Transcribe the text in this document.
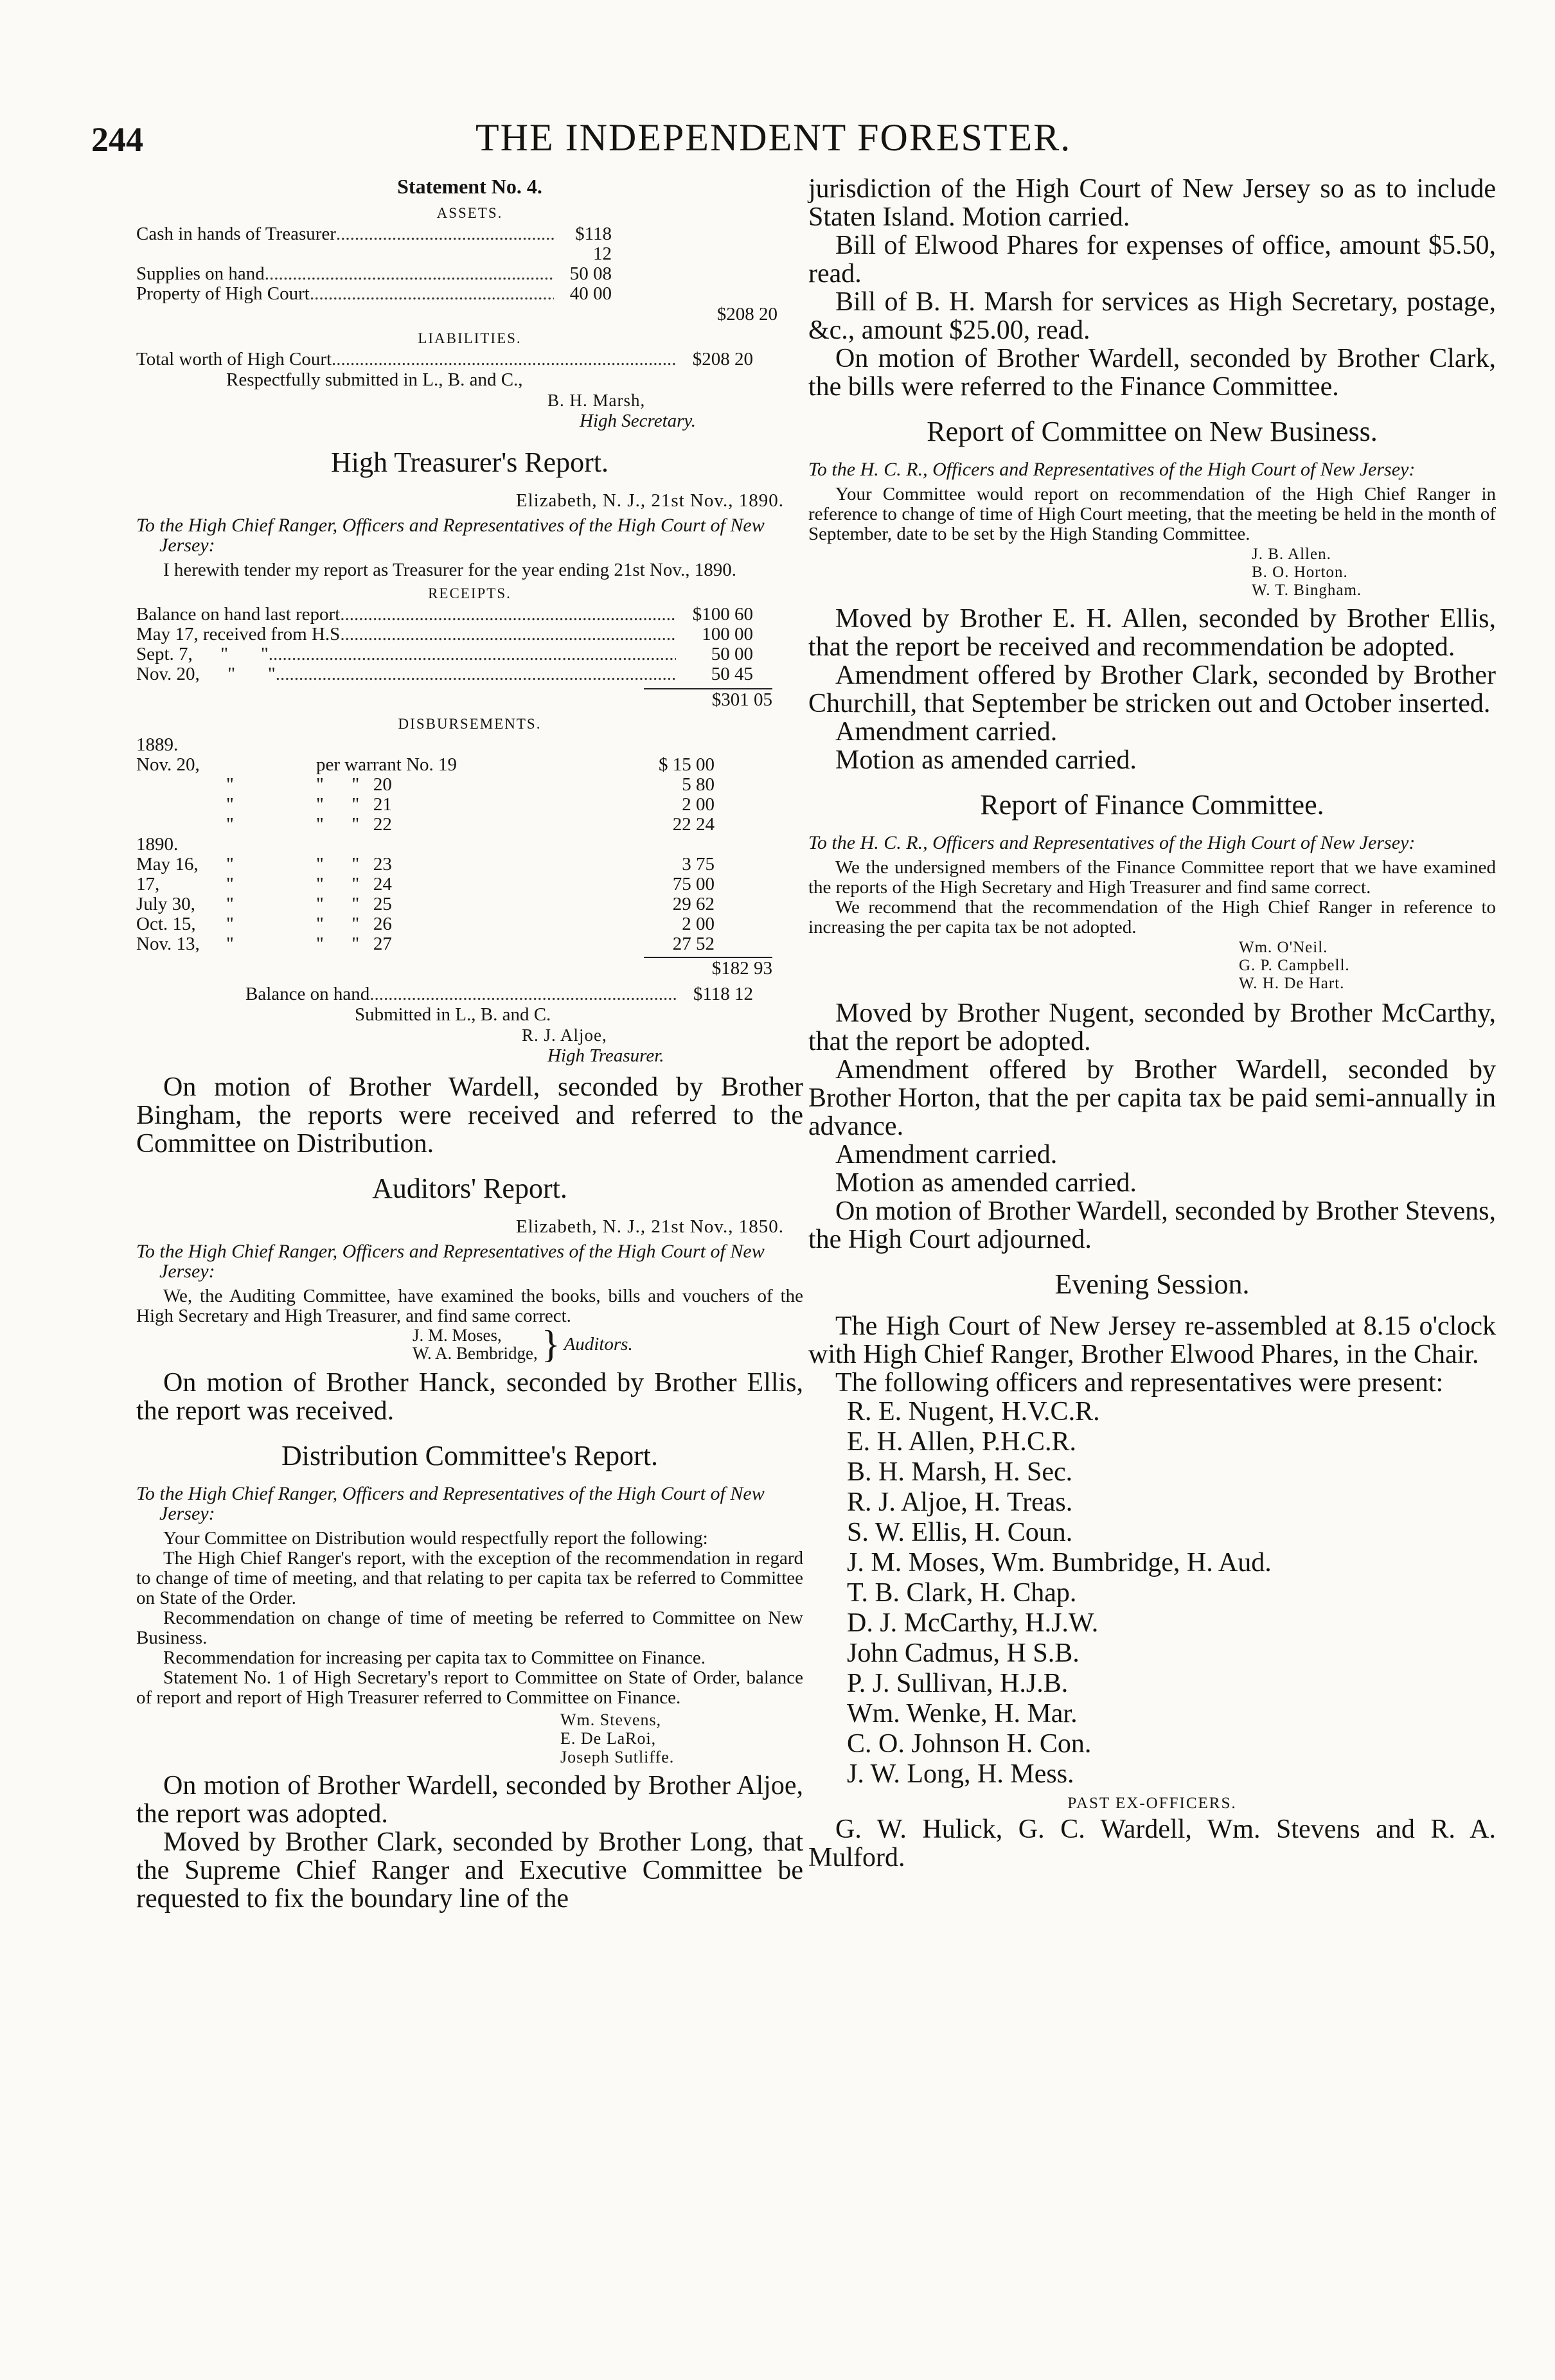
244	THE INDEPENDENT FORESTER.
Statement No. 4.
ASSETS.
Cash in hands of Treasurer .....	$118 12
Supplies on hand .....	50 08
Property of High Court .....	40 00
$208 20
LIABILITIES.
Total worth of High Court .....	$208 20
Respectfully submitted in L., B. and C.,
B. H. Marsh,
High Secretary.
High Treasurer's Report.
Elizabeth, N. J., 21st Nov., 1890.

To the High Chief Ranger, Officers and Representatives of the High Court of New Jersey:

I herewith tender my report as Treasurer for the year ending 21st Nov., 1890.

RECEIPTS.
Balance on hand last report .....	$100 60
May 17, received from H.S .....	100 00
Sept. 7,      "       " .....	50 00
Nov. 20,      "       " .....	50 45
$301 05
DISBURSEMENTS.
1889.
Nov. 20,	per warrant No. 19	$ 15 00
"	"      "   20	5 80
"	"      "   21	2 00
"	"      "   22	22 24
1890.
May 16,	"	"      "   23	3 75
17,	"	"      "   24	75 00
July 30,	"	"      "   25	29 62
Oct. 15,	"	"      "   26	2 00
Nov. 13,	"	"      "   27	27 52
$182 93
Balance on hand .....	$118 12
Submitted in L., B. and C.
R. J. Aljoe,
High Treasurer.

On motion of Brother Wardell, seconded by Brother Bingham, the reports were received and referred to the Committee on Distribution.

Auditors' Report.
Elizabeth, N. J., 21st Nov., 1850.

To the High Chief Ranger, Officers and Representatives of the High Court of New Jersey:

We, the Auditing Committee, have examined the books, bills and vouchers of the High Secretary and High Treasurer, and find same correct.

J. M. Moses,
W. A. Bembridge, } Auditors.

On motion of Brother Hanck, seconded by Brother Ellis, the report was received.

Distribution Committee's Report.

To the High Chief Ranger, Officers and Representatives of the High Court of New Jersey:

Your Committee on Distribution would respectfully report the following:

The High Chief Ranger's report, with the exception of the recommendation in regard to change of time of meeting, and that relating to per capita tax be referred to Committee on State of the Order.

Recommendation on change of time of meeting be referred to Committee on New Business.

Recommendation for increasing per capita tax to Committee on Finance.

Statement No. 1 of High Secretary's report to Committee on State of Order, balance of report and report of High Treasurer referred to Committee on Finance.

Wm. Stevens,
E. De LaRoi,
Joseph Sutliffe.

On motion of Brother Wardell, seconded by Brother Aljoe, the report was adopted.

Moved by Brother Clark, seconded by Brother Long, that the Supreme Chief Ranger and Executive Committee be requested to fix the boundary line of the

jurisdiction of the High Court of New Jersey so as to include Staten Island. Motion carried.

Bill of Elwood Phares for expenses of office, amount $5.50, read.

Bill of B. H. Marsh for services as High Secretary, postage, &c., amount $25.00, read.

On motion of Brother Wardell, seconded by Brother Clark, the bills were referred to the Finance Committee.

Report of Committee on New Business.

To the H. C. R., Officers and Representatives of the High Court of New Jersey:

Your Committee would report on recommendation of the High Chief Ranger in reference to change of time of High Court meeting, that the meeting be held in the month of September, date to be set by the High Standing Committee.

J. B. Allen.
B. O. Horton.
W. T. Bingham.

Moved by Brother E. H. Allen, seconded by Brother Ellis, that the report be received and recommendation be adopted.

Amendment offered by Brother Clark, seconded by Brother Churchill, that September be stricken out and October inserted.

Amendment carried.

Motion as amended carried.

Report of Finance Committee.

To the H. C. R., Officers and Representatives of the High Court of New Jersey:

We the undersigned members of the Finance Committee report that we have examined the reports of the High Secretary and High Treasurer and find same correct.

We recommend that the recommendation of the High Chief Ranger in reference to increasing the per capita tax be not adopted.

Wm. O'Neil.
G. P. Campbell.
W. H. De Hart.

Moved by Brother Nugent, seconded by Brother McCarthy, that the report be adopted.

Amendment offered by Brother Wardell, seconded by Brother Horton, that the per capita tax be paid semi-annually in advance.

Amendment carried.

Motion as amended carried.

On motion of Brother Wardell, seconded by Brother Stevens, the High Court adjourned.

Evening Session.

The High Court of New Jersey re-assembled at 8.15 o'clock with High Chief Ranger, Brother Elwood Phares, in the Chair.

The following officers and representatives were present:

R. E. Nugent, H.V.C.R.
E. H. Allen, P.H.C.R.
B. H. Marsh, H. Sec.
R. J. Aljoe, H. Treas.
S. W. Ellis, H. Coun.
J. M. Moses, Wm. Bumbridge, H. Aud.
T. B. Clark, H. Chap.
D. J. McCarthy, H.J.W.
John Cadmus, H S.B.
P. J. Sullivan, H.J.B.
Wm. Wenke, H. Mar.
C. O. Johnson H. Con.
J. W. Long, H. Mess.
PAST EX-OFFICERS.

G. W. Hulick, G. C. Wardell, Wm. Stevens and R. A. Mulford.
